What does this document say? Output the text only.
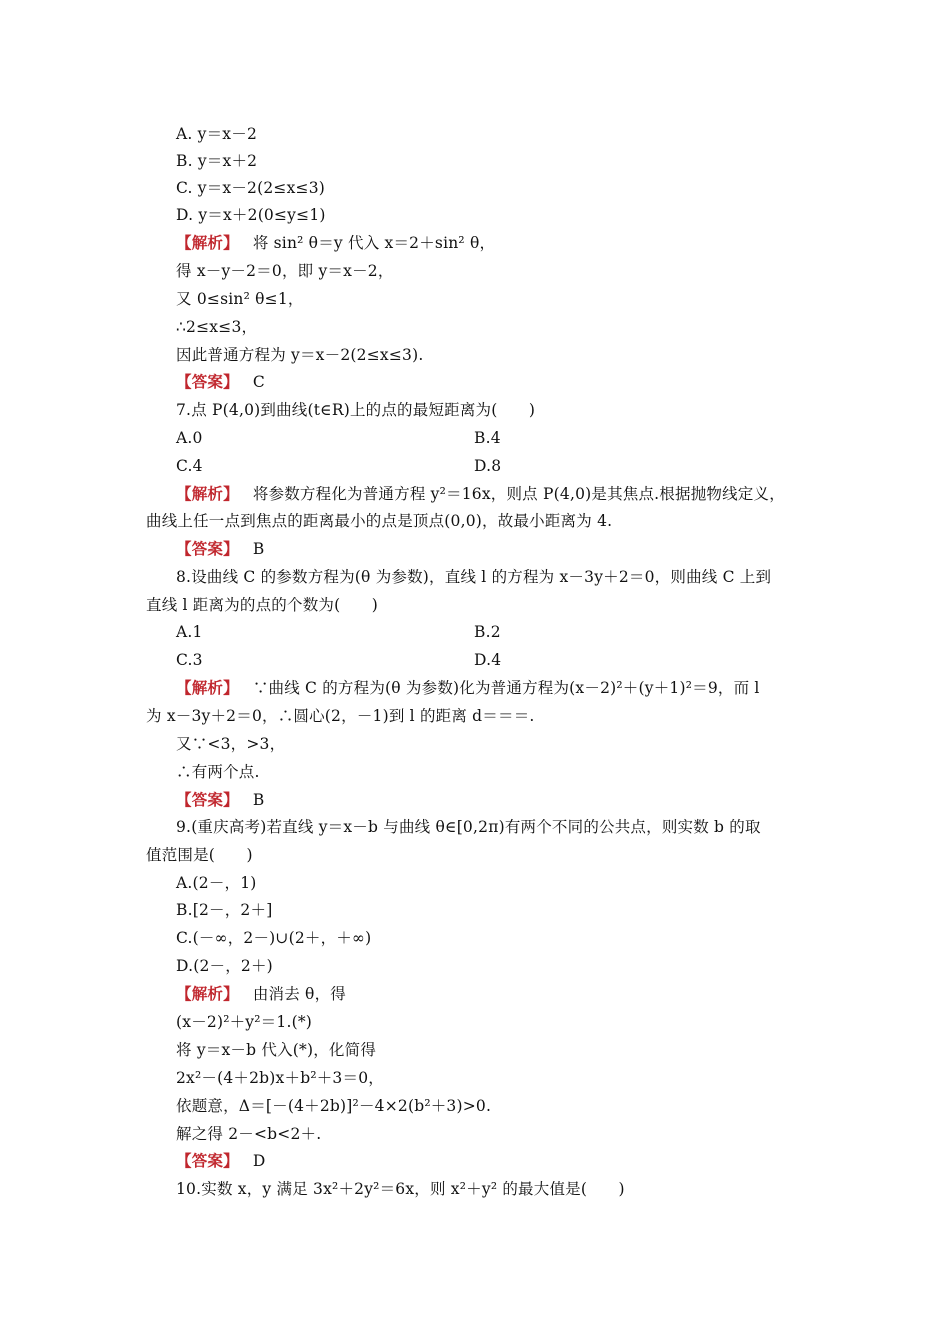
A. y＝x－2
B. y＝x＋2
C. y＝x－2(2≤x≤3)
D. y＝x＋2(0≤y≤1)
【解析】 将 sin² θ＝y 代入 x＝2＋sin² θ，
得 x－y－2＝0，即 y＝x－2，
又 0≤sin² θ≤1，
∴2≤x≤3，
因此普通方程为 y＝x－2(2≤x≤3).
【答案】 C
7.点 P(4,0)到曲线(t∈R)上的点的最短距离为(　　)
A.0	B.4
C.4	D.8
【解析】 将参数方程化为普通方程 y²＝16x，则点 P(4,0)是其焦点.根据抛物线定义，
曲线上任一点到焦点的距离最小的点是顶点(0,0)，故最小距离为 4.
【答案】 B
8.设曲线 C 的参数方程为(θ 为参数)，直线 l 的方程为 x－3y＋2＝0，则曲线 C 上到
直线 l 距离为的点的个数为(　　)
A.1	B.2
C.3	D.4
【解析】 ∵曲线 C 的方程为(θ 为参数)化为普通方程为(x－2)²＋(y＋1)²＝9，而 l
为 x－3y＋2＝0，∴圆心(2，－1)到 l 的距离 d＝＝＝.
又∵<3，>3，
∴有两个点.
【答案】 B
9.(重庆高考)若直线 y＝x－b 与曲线 θ∈[0,2π)有两个不同的公共点，则实数 b 的取
值范围是(　　)
A.(2－，1)
B.[2－，2＋]
C.(－∞，2－)∪(2＋，＋∞)
D.(2－，2＋)
【解析】 由消去 θ，得
(x－2)²＋y²＝1.(*)
将 y＝x－b 代入(*)，化简得
2x²－(4＋2b)x＋b²＋3＝0，
依题意，Δ＝[－(4＋2b)]²－4×2(b²＋3)>0.
解之得 2－<b<2＋.
【答案】 D
10.实数 x，y 满足 3x²＋2y²＝6x，则 x²＋y² 的最大值是(　　)
